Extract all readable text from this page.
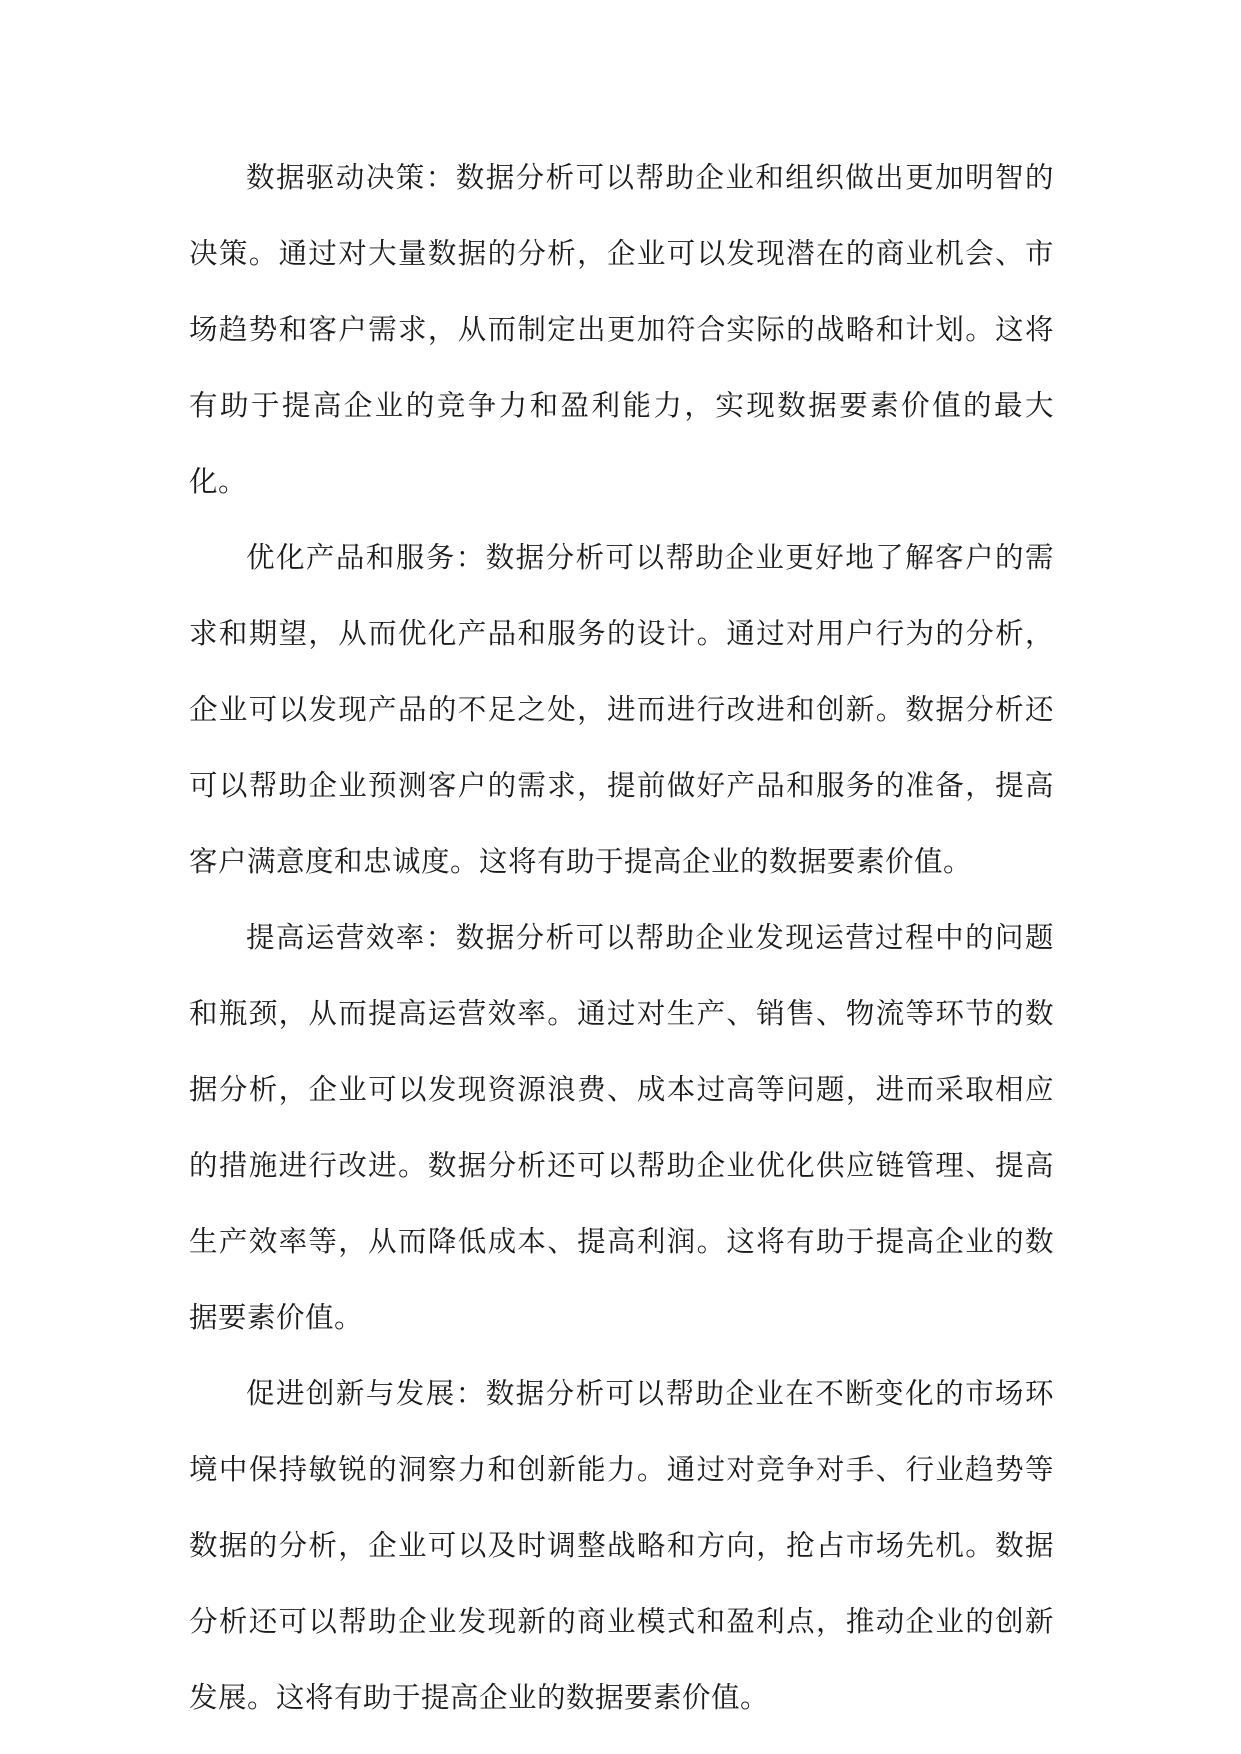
数据驱动决策：数据分析可以帮助企业和组织做出更加明智的决策。通过对大量数据的分析，企业可以发现潜在的商业机会、市场趋势和客户需求，从而制定出更加符合实际的战略和计划。这将有助于提高企业的竞争力和盈利能力，实现数据要素价值的最大化。

优化产品和服务：数据分析可以帮助企业更好地了解客户的需求和期望，从而优化产品和服务的设计。通过对用户行为的分析，企业可以发现产品的不足之处，进而进行改进和创新。数据分析还可以帮助企业预测客户的需求，提前做好产品和服务的准备，提高客户满意度和忠诚度。这将有助于提高企业的数据要素价值。

提高运营效率：数据分析可以帮助企业发现运营过程中的问题和瓶颈，从而提高运营效率。通过对生产、销售、物流等环节的数据分析，企业可以发现资源浪费、成本过高等问题，进而采取相应的措施进行改进。数据分析还可以帮助企业优化供应链管理、提高生产效率等，从而降低成本、提高利润。这将有助于提高企业的数据要素价值。

促进创新与发展：数据分析可以帮助企业在不断变化的市场环境中保持敏锐的洞察力和创新能力。通过对竞争对手、行业趋势等数据的分析，企业可以及时调整战略和方向，抢占市场先机。数据分析还可以帮助企业发现新的商业模式和盈利点，推动企业的创新发展。这将有助于提高企业的数据要素价值。
